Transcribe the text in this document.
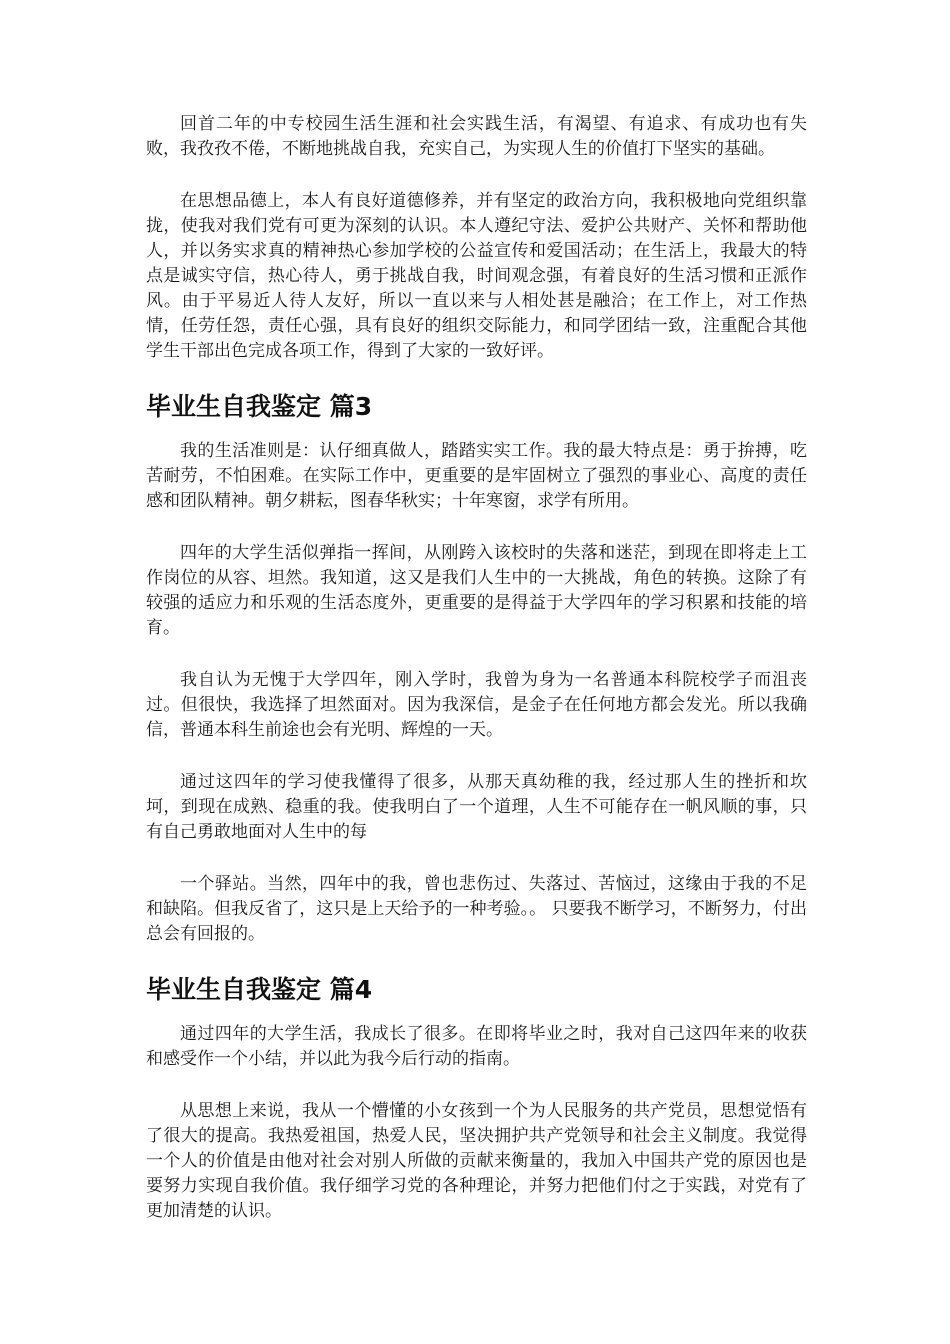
回首二年的中专校园生活生涯和社会实践生活，有渴望、有追求、有成功也有失败，我孜孜不倦，不断地挑战自我，充实自己，为实现人生的价值打下坚实的基础。

在思想品德上，本人有良好道德修养，并有坚定的政治方向，我积极地向党组织靠拢，使我对我们党有可更为深刻的认识。本人遵纪守法、爱护公共财产、关怀和帮助他人，并以务实求真的精神热心参加学校的公益宣传和爱国活动；在生活上，我最大的特点是诚实守信，热心待人，勇于挑战自我，时间观念强，有着良好的生活习惯和正派作风。由于平易近人待人友好，所以一直以来与人相处甚是融洽；在工作上，对工作热情，任劳任怨，责任心强，具有良好的组织交际能力，和同学团结一致，注重配合其他学生干部出色完成各项工作，得到了大家的一致好评。

毕业生自我鉴定 篇3

我的生活准则是：认仔细真做人，踏踏实实工作。我的最大特点是：勇于拚搏，吃苦耐劳，不怕困难。在实际工作中，更重要的是牢固树立了强烈的事业心、高度的责任感和团队精神。朝夕耕耘，图春华秋实；十年寒窗，求学有所用。

四年的大学生活似弹指一挥间，从刚跨入该校时的失落和迷茫，到现在即将走上工作岗位的从容、坦然。我知道，这又是我们人生中的一大挑战，角色的转换。这除了有较强的适应力和乐观的生活态度外，更重要的是得益于大学四年的学习积累和技能的培育。

我自认为无愧于大学四年，刚入学时，我曾为身为一名普通本科院校学子而沮丧过。但很快，我选择了坦然面对。因为我深信，是金子在任何地方都会发光。所以我确信，普通本科生前途也会有光明、辉煌的一天。

通过这四年的学习使我懂得了很多，从那天真幼稚的我，经过那人生的挫折和坎坷，到现在成熟、稳重的我。使我明白了一个道理，人生不可能存在一帆风顺的事，只有自己勇敢地面对人生中的每

一个驿站。当然，四年中的我，曾也悲伤过、失落过、苦恼过，这缘由于我的不足和缺陷。但我反省了，这只是上天给予的一种考验。。 只要我不断学习，不断努力，付出总会有回报的。

毕业生自我鉴定 篇4

通过四年的大学生活，我成长了很多。在即将毕业之时，我对自己这四年来的收获和感受作一个小结，并以此为我今后行动的指南。

从思想上来说，我从一个懵懂的小女孩到一个为人民服务的共产党员，思想觉悟有了很大的提高。我热爱祖国，热爱人民，坚决拥护共产党领导和社会主义制度。我觉得一个人的价值是由他对社会对别人所做的贡献来衡量的，我加入中国共产党的原因也是要努力实现自我价值。我仔细学习党的各种理论，并努力把他们付之于实践，对党有了更加清楚的认识。
